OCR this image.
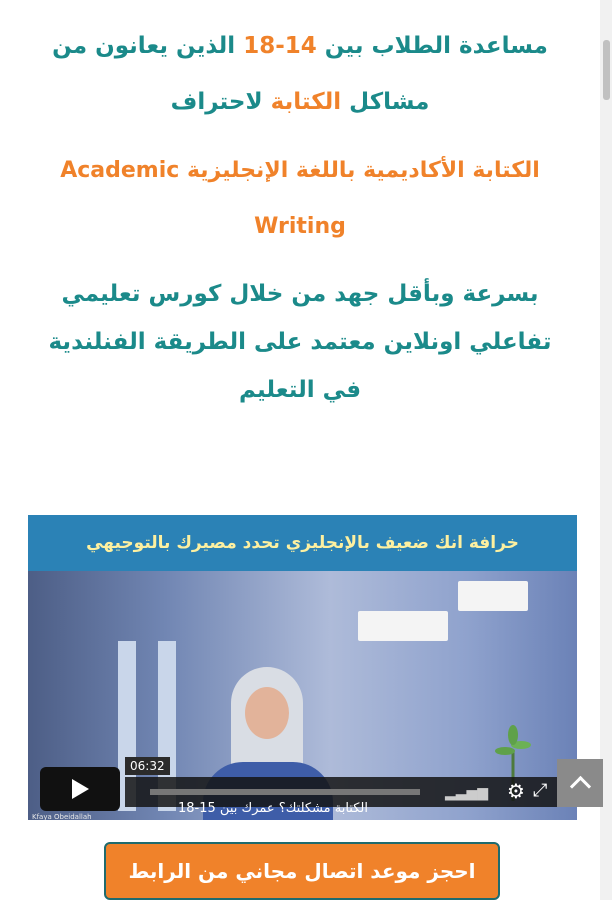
مساعدة الطلاب بين 14-18 الذين يعانون من
مشاكل الكتابة لاحتراف
الكتابة الأكاديمية باللغة الإنجليزية Academic
Writing
بسرعة وبأقل جهد من خلال كورس تعليمي
تفاعلي اونلاين معتمد على الطريقة الفنلندية
في التعليم
خرافة انك ضعيف بالإنجليزي تحدد مصيرك بالتوجيهي
▂▃▅▆ ⚙ ⤢
06:32
الكتابة مشكلتك؟ عمرك بين 15-18
Kfaya Obeidallah
احجز موعد اتصال مجاني من الرابط
